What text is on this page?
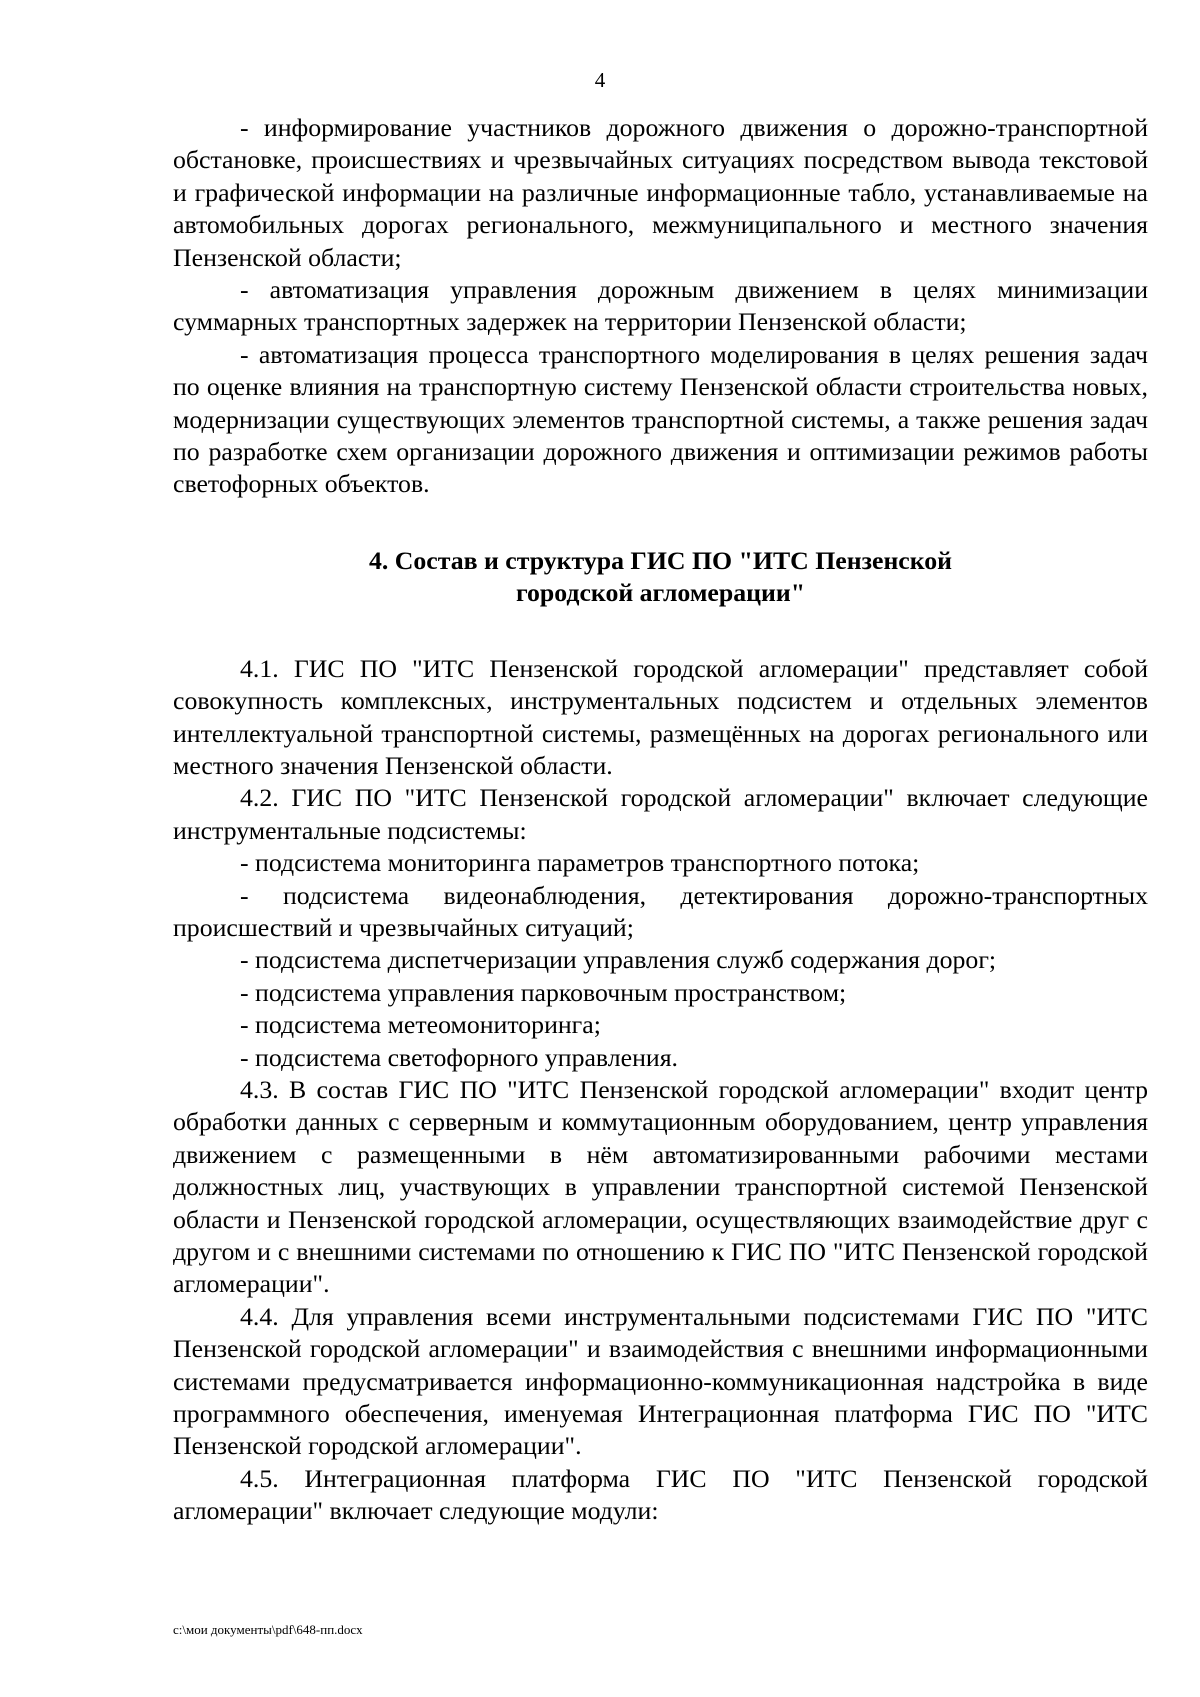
4

- информирование участников дорожного движения о дорожно-транспортной обстановке, происшествиях и чрезвычайных ситуациях посредством вывода текстовой и графической информации на различные информационные табло, устанавливаемые на автомобильных дорогах регионального, межмуниципального и местного значения Пензенской области;

- автоматизация управления дорожным движением в целях минимизации суммарных транспортных задержек на территории Пензенской области;

- автоматизация процесса транспортного моделирования в целях решения задач по оценке влияния на транспортную систему Пензенской области строительства новых, модернизации существующих элементов транспортной системы, а также решения задач по разработке схем организации дорожного движения и оптимизации режимов работы светофорных объектов.

4. Состав и структура ГИС ПО "ИТС Пензенской
городской агломерации"

4.1. ГИС ПО "ИТС Пензенской городской агломерации" представляет собой совокупность комплексных, инструментальных подсистем и отдельных элементов интеллектуальной транспортной системы, размещённых на дорогах регионального или местного значения Пензенской области.

4.2. ГИС ПО "ИТС Пензенской городской агломерации" включает следующие инструментальные подсистемы:

- подсистема мониторинга параметров транспортного потока;

- подсистема видеонаблюдения, детектирования дорожно-транспортных происшествий и чрезвычайных ситуаций;

- подсистема диспетчеризации управления служб содержания дорог;

- подсистема управления парковочным пространством;

- подсистема метеомониторинга;

- подсистема светофорного управления.

4.3. В состав ГИС ПО "ИТС Пензенской городской агломерации" входит центр обработки данных с серверным и коммутационным оборудованием, центр управления движением с размещенными в нём автоматизированными рабочими местами должностных лиц, участвующих в управлении транспортной системой Пензенской области и Пензенской городской агломерации, осуществляющих взаимодействие друг с другом и с внешними системами по отношению к ГИС ПО "ИТС Пензенской городской агломерации".

4.4. Для управления всеми инструментальными подсистемами ГИС ПО "ИТС Пензенской городской агломерации" и взаимодействия с внешними информационными системами предусматривается информационно-коммуникационная надстройка в виде программного обеспечения, именуемая Интеграционная платформа ГИС ПО "ИТС Пензенской городской агломерации".

4.5. Интеграционная платформа ГИС ПО "ИТС Пензенской городской агломерации" включает следующие модули:

c:\мои документы\pdf\648-пп.docx
